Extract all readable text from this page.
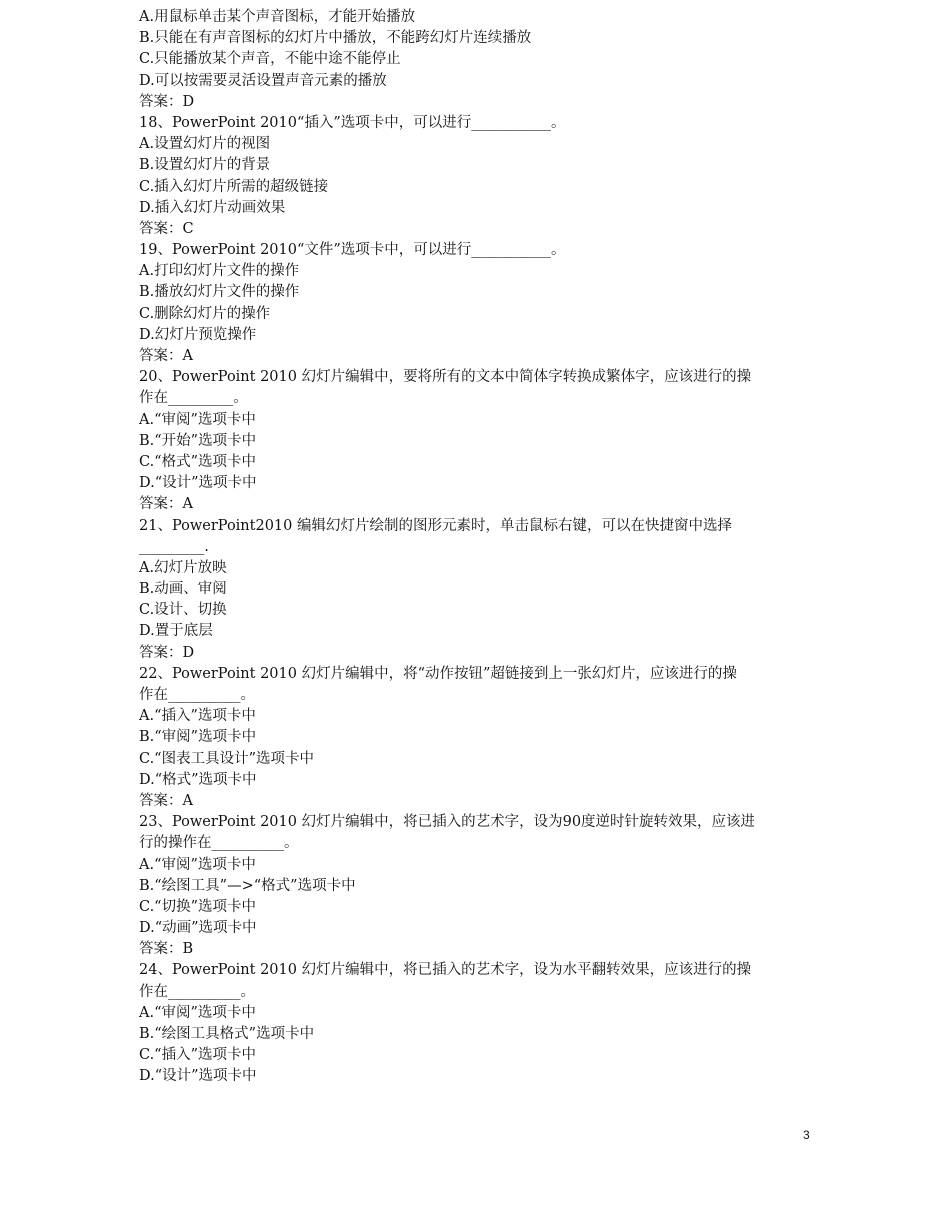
A.用鼠标单击某个声音图标，才能开始播放
B.只能在有声音图标的幻灯片中播放，不能跨幻灯片连续播放
C.只能播放某个声音，不能中途不能停止
D.可以按需要灵活设置声音元素的播放
答案：D
18、PowerPoint 2010“插入”选项卡中，可以进行___________。
A.设置幻灯片的视图
B.设置幻灯片的背景
C.插入幻灯片所需的超级链接
D.插入幻灯片动画效果
答案：C
19、PowerPoint 2010“文件”选项卡中，可以进行___________。
A.打印幻灯片文件的操作
B.播放幻灯片文件的操作
C.删除幻灯片的操作
D.幻灯片预览操作
答案：A
20、PowerPoint 2010 幻灯片编辑中，要将所有的文本中简体字转换成繁体字，应该进行的操
作在_________。
A.“审阅”选项卡中
B.“开始”选项卡中
C.“格式”选项卡中
D.“设计”选项卡中
答案：A
21、PowerPoint2010 编辑幻灯片绘制的图形元素时，单击鼠标右键，可以在快捷窗中选择
_________.
A.幻灯片放映
B.动画、审阅
C.设计、切换
D.置于底层
答案：D
22、PowerPoint 2010 幻灯片编辑中，将“动作按钮”超链接到上一张幻灯片，应该进行的操
作在__________。
A.“插入”选项卡中
B.“审阅”选项卡中
C.“图表工具设计”选项卡中
D.“格式”选项卡中
答案：A
23、PowerPoint 2010 幻灯片编辑中，将已插入的艺术字，设为90度逆时针旋转效果，应该进
行的操作在__________。
A.“审阅”选项卡中
B.“绘图工具”—>“格式”选项卡中
C.“切换”选项卡中
D.“动画”选项卡中
答案：B
24、PowerPoint 2010 幻灯片编辑中，将已插入的艺术字，设为水平翻转效果，应该进行的操
作在__________。
A.“审阅”选项卡中
B.“绘图工具格式”选项卡中
C.“插入”选项卡中
D.“设计”选项卡中
3
